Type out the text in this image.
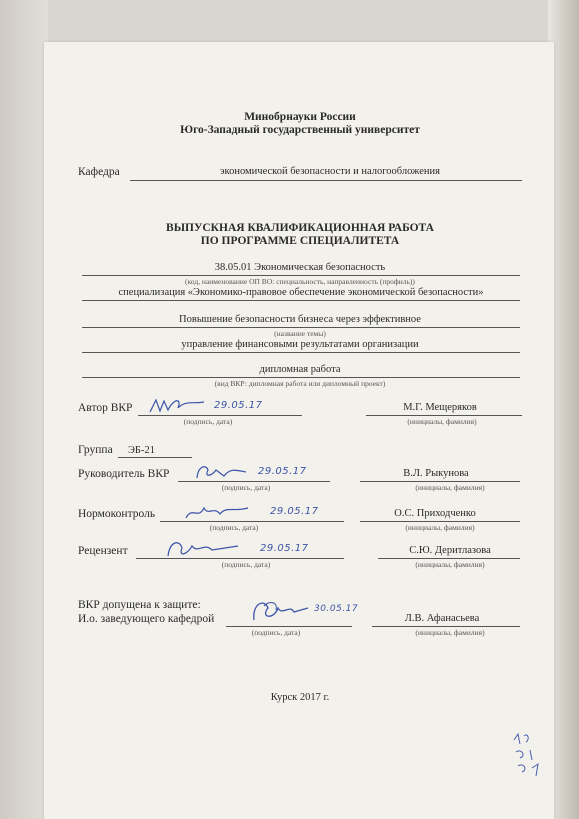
Минобрнауки России
Юго-Западный государственный университет
Кафедра	экономической безопасности и налогообложения
ВЫПУСКНАЯ КВАЛИФИКАЦИОННАЯ РАБОТА
ПО ПРОГРАММЕ СПЕЦИАЛИТЕТА
38.05.01 Экономическая безопасность
(код, наименование ОП ВО: специальность, направленность (профиль))
специализация «Экономико-правовое обеспечение экономической безопасности»
Повышение безопасности бизнеса через эффективное
(название темы)
управление финансовыми результатами организации
дипломная работа
(вид ВКР: дипломная работа или дипломный проект)
Автор ВКР	29.05.17
(подпись, дата)
М.Г. Мещеряков
(инициалы, фамилия)
Группа ЭБ-21
Руководитель ВКР	29.05.17
(подпись, дата)
В.Л. Рыкунова
(инициалы, фамилия)
Нормоконтроль	29.05.17
(подпись, дата)
О.С. Приходченко
(инициалы, фамилия)
Рецензент	29.05.17
(подпись, дата)
С.Ю. Деритлазова
(инициалы, фамилия)
ВКР допущена к защите:
И.о. заведующего кафедрой
30.05.17
(подпись, дата)
Л.В. Афанасьева
(инициалы, фамилия)
Курск 2017 г.
